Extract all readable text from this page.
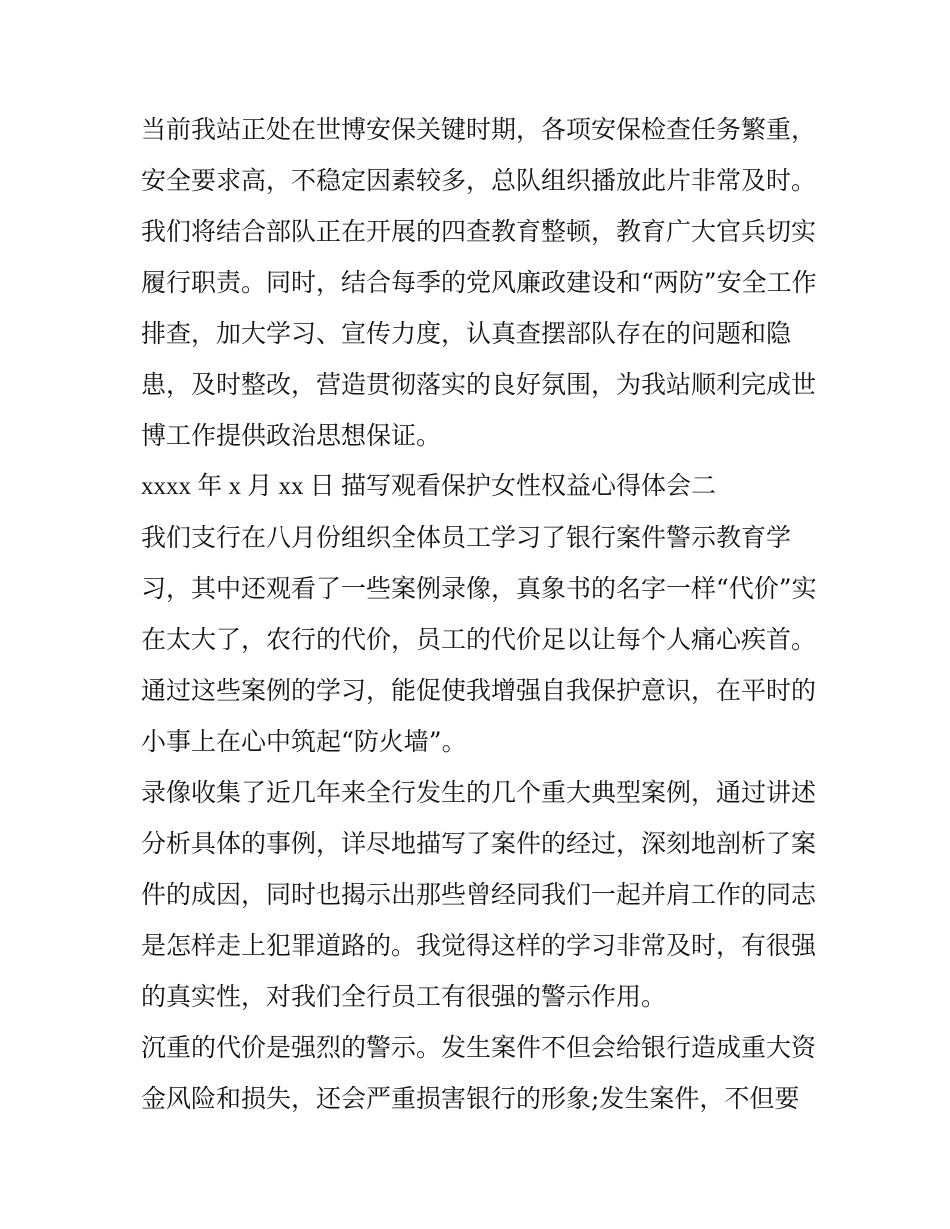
当前我站正处在世博安保关键时期，各项安保检查任务繁重，
安全要求高，不稳定因素较多，总队组织播放此片非常及时。
我们将结合部队正在开展的四查教育整顿，教育广大官兵切实
履行职责。同时，结合每季的党风廉政建设和“两防”安全工作
排查，加大学习、宣传力度，认真查摆部队存在的问题和隐
患，及时整改，营造贯彻落实的良好氛围，为我站顺利完成世
博工作提供政治思想保证。
xxxx 年 x 月 xx 日 描写观看保护女性权益心得体会二
我们支行在八月份组织全体员工学习了银行案件警示教育学
习，其中还观看了一些案例录像，真象书的名字一样“代价”实
在太大了，农行的代价，员工的代价足以让每个人痛心疾首。
通过这些案例的学习，能促使我增强自我保护意识，在平时的
小事上在心中筑起“防火墙”。
录像收集了近几年来全行发生的几个重大典型案例，通过讲述
分析具体的事例，详尽地描写了案件的经过，深刻地剖析了案
件的成因，同时也揭示出那些曾经同我们一起并肩工作的同志
是怎样走上犯罪道路的。我觉得这样的学习非常及时，有很强
的真实性，对我们全行员工有很强的警示作用。
沉重的代价是强烈的警示。发生案件不但会给银行造成重大资
金风险和损失，还会严重损害银行的形象;发生案件，不但要
